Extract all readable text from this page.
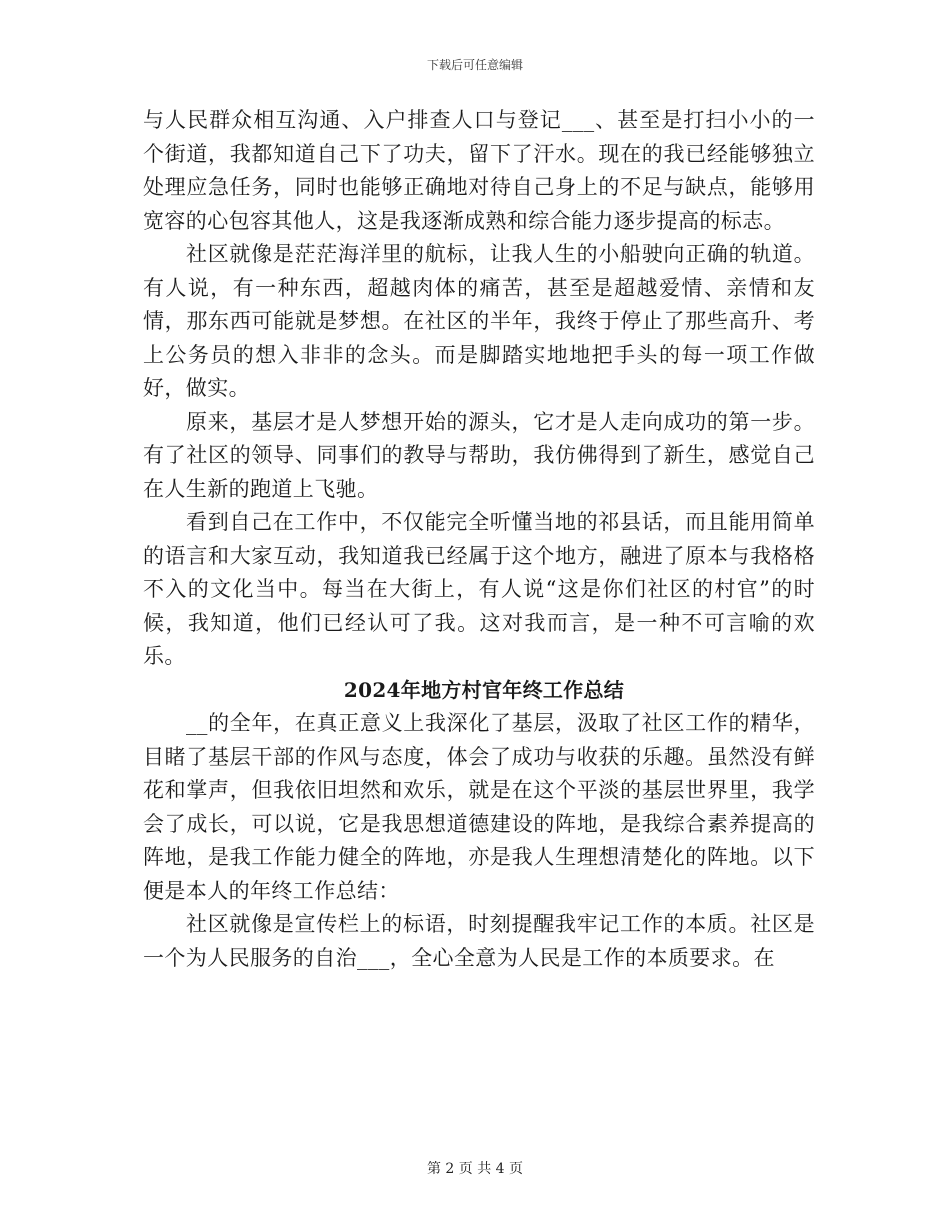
下载后可任意编辑

与人民群众相互沟通、入户排查人口与登记___、甚至是打扫小小的一个街道，我都知道自己下了功夫，留下了汗水。现在的我已经能够独立处理应急任务，同时也能够正确地对待自己身上的不足与缺点，能够用宽容的心包容其他人，这是我逐渐成熟和综合能力逐步提高的标志。

社区就像是茫茫海洋里的航标，让我人生的小船驶向正确的轨道。有人说，有一种东西，超越肉体的痛苦，甚至是超越爱情、亲情和友情，那东西可能就是梦想。在社区的半年，我终于停止了那些高升、考上公务员的想入非非的念头。而是脚踏实地地把手头的每一项工作做好，做实。

原来，基层才是人梦想开始的源头，它才是人走向成功的第一步。有了社区的领导、同事们的教导与帮助，我仿佛得到了新生，感觉自己在人生新的跑道上飞驰。

看到自己在工作中，不仅能完全听懂当地的祁县话，而且能用简单的语言和大家互动，我知道我已经属于这个地方，融进了原本与我格格不入的文化当中。每当在大街上，有人说“这是你们社区的村官”的时候，我知道，他们已经认可了我。这对我而言，是一种不可言喻的欢乐。

2024年地方村官年终工作总结

__的全年，在真正意义上我深化了基层，汲取了社区工作的精华，目睹了基层干部的作风与态度，体会了成功与收获的乐趣。虽然没有鲜花和掌声，但我依旧坦然和欢乐，就是在这个平淡的基层世界里，我学会了成长，可以说，它是我思想道德建设的阵地，是我综合素养提高的阵地，是我工作能力健全的阵地，亦是我人生理想清楚化的阵地。以下便是本人的年终工作总结：

社区就像是宣传栏上的标语，时刻提醒我牢记工作的本质。社区是一个为人民服务的自治___，全心全意为人民是工作的本质要求。在

第 2 页 共 4 页
